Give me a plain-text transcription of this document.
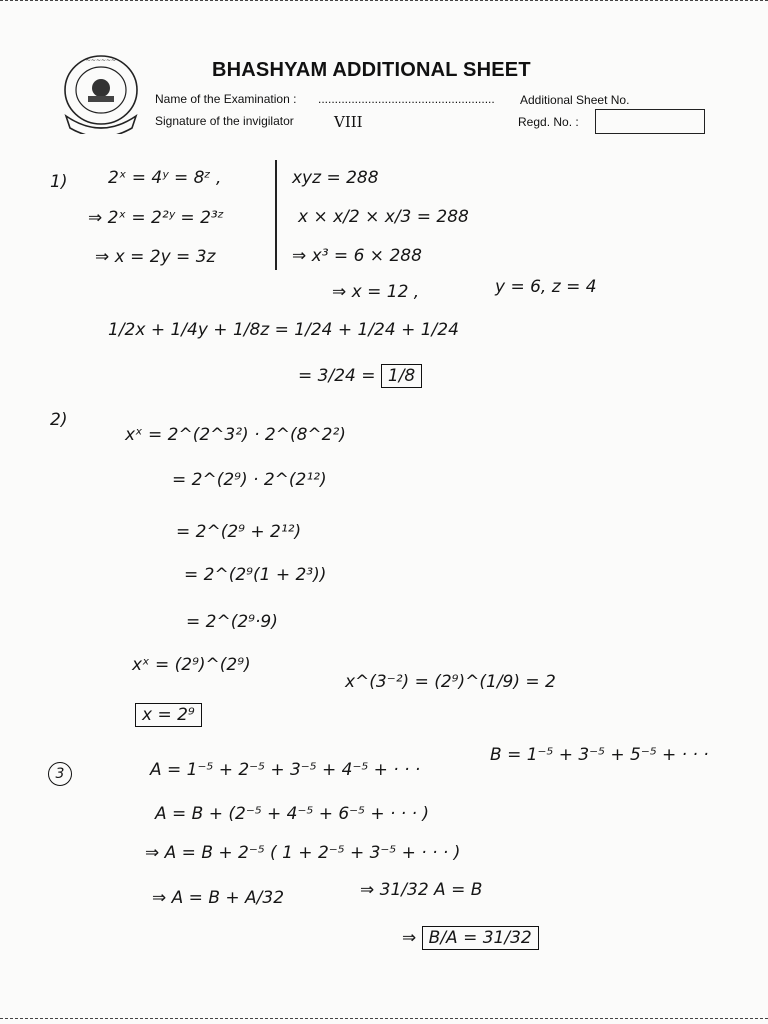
~~~~~~	BHASHYAM ADDITIONAL SHEET
Name of the Examination : ..................................................... Additional Sheet No.
Signature of the invigilator	VIII	Regd. No. :
1) 2ˣ = 4ʸ = 8ᶻ ,
⇒ 2ˣ = 2²ʸ = 2³ᶻ
⇒ x = 2y = 3z
xyz = 288
x × x/2 × x/3 = 288
⇒ x³ = 6 × 288
⇒ x = 12 ,	y = 6, z = 4
1/2x + 1/4y + 1/8z = 1/24 + 1/24 + 1/24
= 3/24 = 1/8
2)
xˣ = 2^(2^3²) · 2^(8^2²)
= 2^(2⁹) · 2^(2¹²)
= 2^(2⁹ + 2¹²)
= 2^(2⁹(1 + 2³))
= 2^(2⁹·9)
xˣ = (2⁹)^(2⁹)
x^(3⁻²) = (2⁹)^(1/9) = 2
x = 2⁹
3	A = 1⁻⁵ + 2⁻⁵ + 3⁻⁵ + 4⁻⁵ + · · ·
B = 1⁻⁵ + 3⁻⁵ + 5⁻⁵ + · · ·
A = B + (2⁻⁵ + 4⁻⁵ + 6⁻⁵ + · · · )
⇒ A = B + 2⁻⁵ ( 1 + 2⁻⁵ + 3⁻⁵ + · · · )
⇒ A = B + A/32	⇒ 31/32 A = B
⇒ B/A = 31/32
